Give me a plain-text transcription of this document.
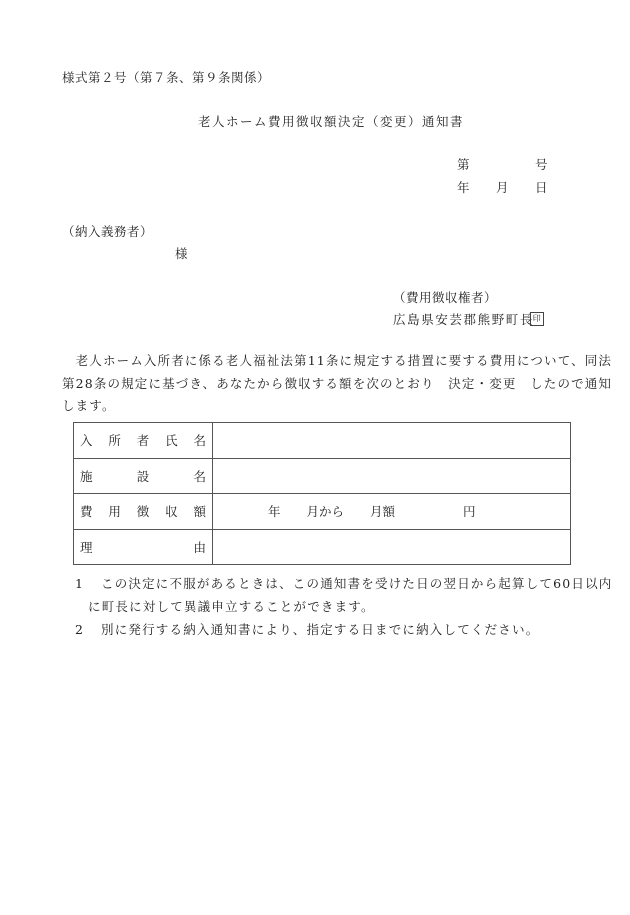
様式第２号（第７条、第９条関係）
老人ホーム費用徴収額決定（変更）通知書
第	号
年 月 日
（納入義務者）
様
（費用徴収権者）
広島県安芸郡熊野町長
印
　老人ホーム入所者に係る老人福祉法第11条に規定する措置に要する費用について、同法
第28条の規定に基づき、あなたから徴収する額を次のとおり　決定・変更　したので通知
します。
入 所 者 氏 名	

施 設 名	

費 用 徴 収 額	年 月から 月額 円

理 由	

1 この決定に不服があるときは、この通知書を受けた日の翌日から起算して60日以内
に町長に対して異議申立することができます。
2 別に発行する納入通知書により、指定する日までに納入してください。
